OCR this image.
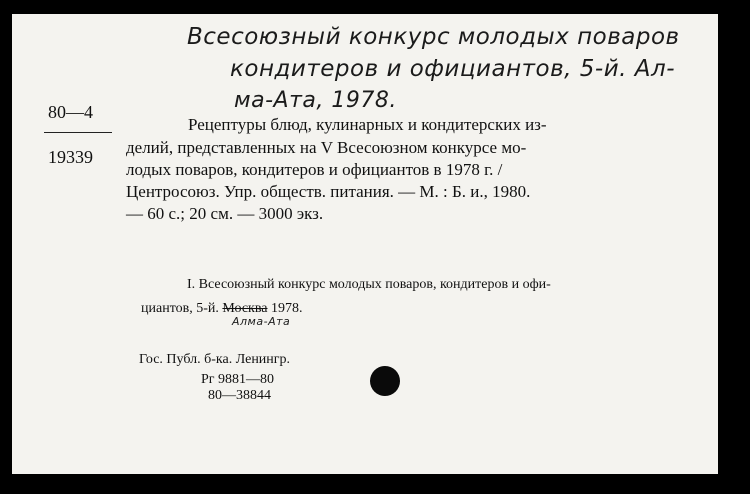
Всесоюзный конкурс молодых поваров
кондитеров и официантов, 5-й. Ал-
ма-Ата, 1978.
80—4
19339
Рецептуры блюд, кулинарных и кондитерских из-
делий, представленных на V Всесоюзном конкурсе мо-
лодых поваров, кондитеров и официантов в 1978 г. /
Центросоюз. Упр. обществ. питания. — М. : Б. и., 1980.
— 60 с.; 20 см. — 3000 экз.
I. Всесоюзный конкурс молодых поваров, кондитеров и офи-
циантов, 5-й. Москва 1978.
Алма-Ата
Гос. Публ. б-ка. Ленингр.
Рг 9881—80
80—38844
